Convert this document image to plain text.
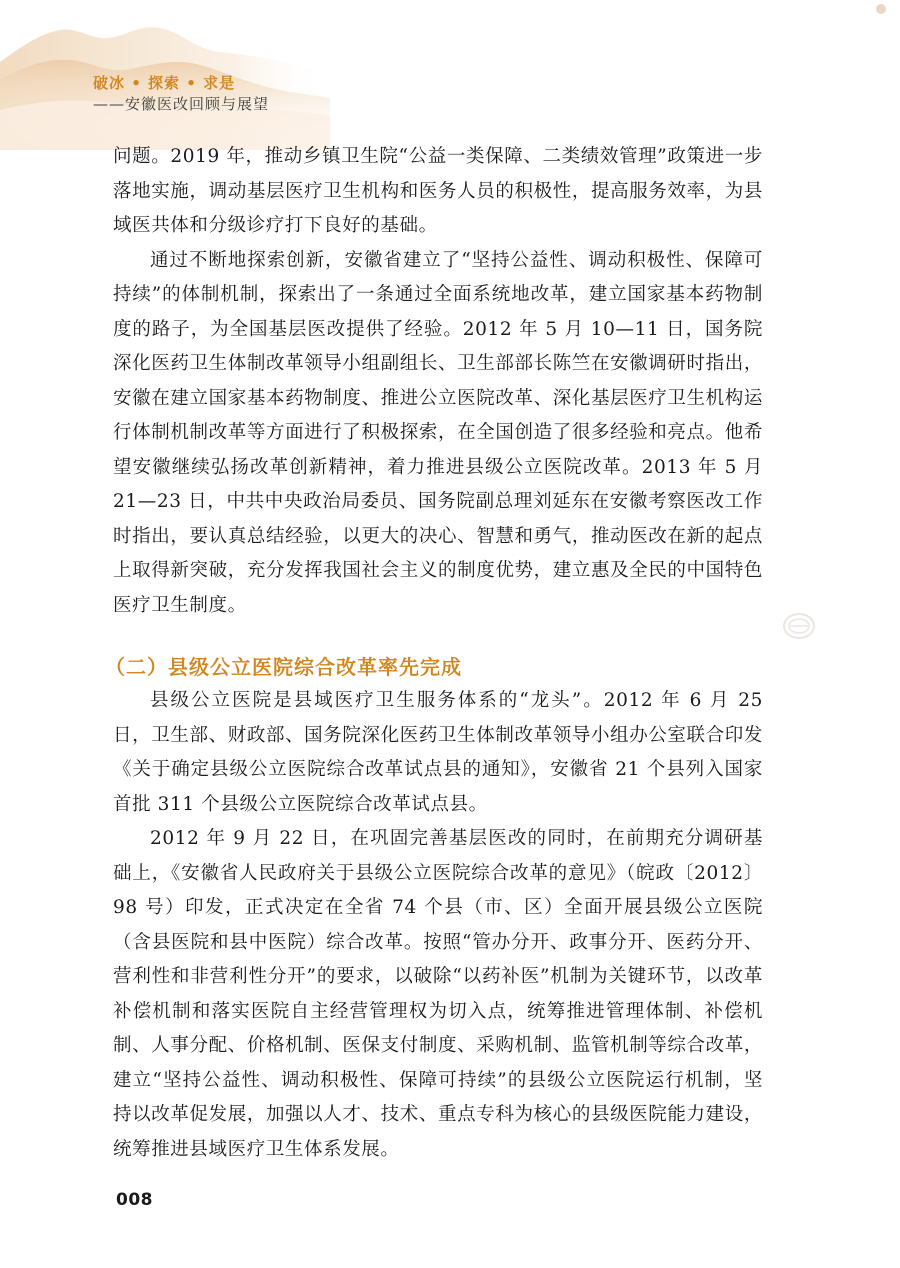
破冰 • 探索 • 求是
——安徽医改回顾与展望

问题。2019 年，推动乡镇卫生院“公益一类保障、二类绩效管理”政策进一步落地实施，调动基层医疗卫生机构和医务人员的积极性，提高服务效率，为县域医共体和分级诊疗打下良好的基础。

通过不断地探索创新，安徽省建立了“坚持公益性、调动积极性、保障可持续”的体制机制，探索出了一条通过全面系统地改革，建立国家基本药物制度的路子，为全国基层医改提供了经验。2012 年 5 月 10—11 日，国务院深化医药卫生体制改革领导小组副组长、卫生部部长陈竺在安徽调研时指出，安徽在建立国家基本药物制度、推进公立医院改革、深化基层医疗卫生机构运行体制机制改革等方面进行了积极探索，在全国创造了很多经验和亮点。他希望安徽继续弘扬改革创新精神，着力推进县级公立医院改革。2013 年 5 月 21—23 日，中共中央政治局委员、国务院副总理刘延东在安徽考察医改工作时指出，要认真总结经验，以更大的决心、智慧和勇气，推动医改在新的起点上取得新突破，充分发挥我国社会主义的制度优势，建立惠及全民的中国特色医疗卫生制度。

（二）县级公立医院综合改革率先完成

县级公立医院是县域医疗卫生服务体系的“龙头”。2012 年 6 月 25 日，卫生部、财政部、国务院深化医药卫生体制改革领导小组办公室联合印发《关于确定县级公立医院综合改革试点县的通知》，安徽省 21 个县列入国家首批 311 个县级公立医院综合改革试点县。

2012 年 9 月 22 日，在巩固完善基层医改的同时，在前期充分调研基础上，《安徽省人民政府关于县级公立医院综合改革的意见》（皖政〔2012〕98 号）印发，正式决定在全省 74 个县（市、区）全面开展县级公立医院（含县医院和县中医院）综合改革。按照“管办分开、政事分开、医药分开、营利性和非营利性分开”的要求，以破除“以药补医”机制为关键环节，以改革补偿机制和落实医院自主经营管理权为切入点，统筹推进管理体制、补偿机制、人事分配、价格机制、医保支付制度、采购机制、监管机制等综合改革，建立“坚持公益性、调动积极性、保障可持续”的县级公立医院运行机制，坚持以改革促发展，加强以人才、技术、重点专科为核心的县级医院能力建设，统筹推进县域医疗卫生体系发展。

008
